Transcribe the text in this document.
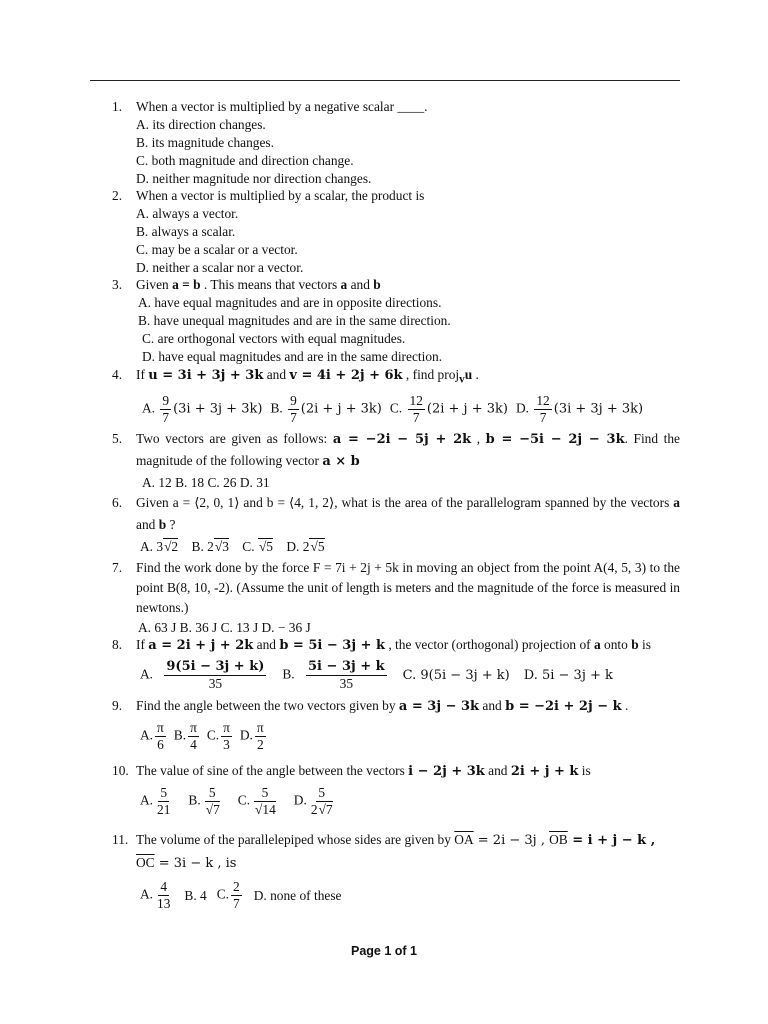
1. When a vector is multiplied by a negative scalar ____.
A. its direction changes.
B. its magnitude changes.
C. both magnitude and direction change.
D. neither magnitude nor direction changes.
2. When a vector is multiplied by a scalar, the product is
A. always a vector.
B. always a scalar.
C. may be a scalar or a vector.
D. neither a scalar nor a vector.
3. Given a = b . This means that vectors a and b
A. have equal magnitudes and are in opposite directions.
B. have unequal magnitudes and are in the same direction.
C. are orthogonal vectors with equal magnitudes.
D. have equal magnitudes and are in the same direction.
4. If u = 3i + 3j + 3k and v = 4i + 2j + 6k , find proj$_v$u .
A. $\frac{9}{7} (3i + 3j + 3k)$ B. $\frac{9}{7} (2i + j + 3k)$ C. $\frac{12}{7} (2i + j + 3k)$ D. $\frac{12}{7} (3i + 3j + 3k)$
5. Two vectors are given as follows: a = −2i − 5j + 2k , b = −5i − 2j − 3k. Find the magnitude of the following vector a × b
A. 12 B. 18 C. 26 D. 31
6. Given a = ⟨2, 0, 1⟩ and b = ⟨4, 1, 2⟩, what is the area of the parallelogram spanned by the vectors a and b ?
A. 3√2 B. 2√3 C. √5 D. 2√5
7. Find the work done by the force F = 7i + 2j + 5k in moving an object from the point A(4, 5, 3) to the point B(8, 10, -2). (Assume the unit of length is meters and the magnitude of the force is measured in newtons.)
A. 63 J B. 36 J C. 13 J D. − 36 J
8. If a = 2i + j + 2k and b = 5i − 3j + k , the vector (orthogonal) projection of a onto b is
A. $\frac{9(5i - 3j + k)}{35} B$. $\frac{5i - 3j + k}{35} C$. 9(5i − 3j + k) D. 5i − 3j + k
9. Find the angle between the two vectors given by a = 3j − 3k and b = −2i + 2j − k .
A. $\frac{\pi}{6} B$. $\frac{\pi}{4} C$. $\frac{\pi}{3} D$. $\frac{\pi}{2}$
10. The value of sine of the angle between the vectors i − 2j + 3k and 2i + j + k is
A. $\frac{5}{21} B$. $\frac{5}{√7} C$. $\frac{5}{√14} D$. $\frac{5}{2√7}$
11. The volume of the parallelepiped whose sides are given by $\overline{OA} = 2i - 3j$ , $\overline{OB} = i + j - k$ ,
$\overline{OC} = 3i - k$ , is
A. $\frac{4}{13} B$. 4 C. $\frac{2}{7} D$. none of these
Page 1 of 1
